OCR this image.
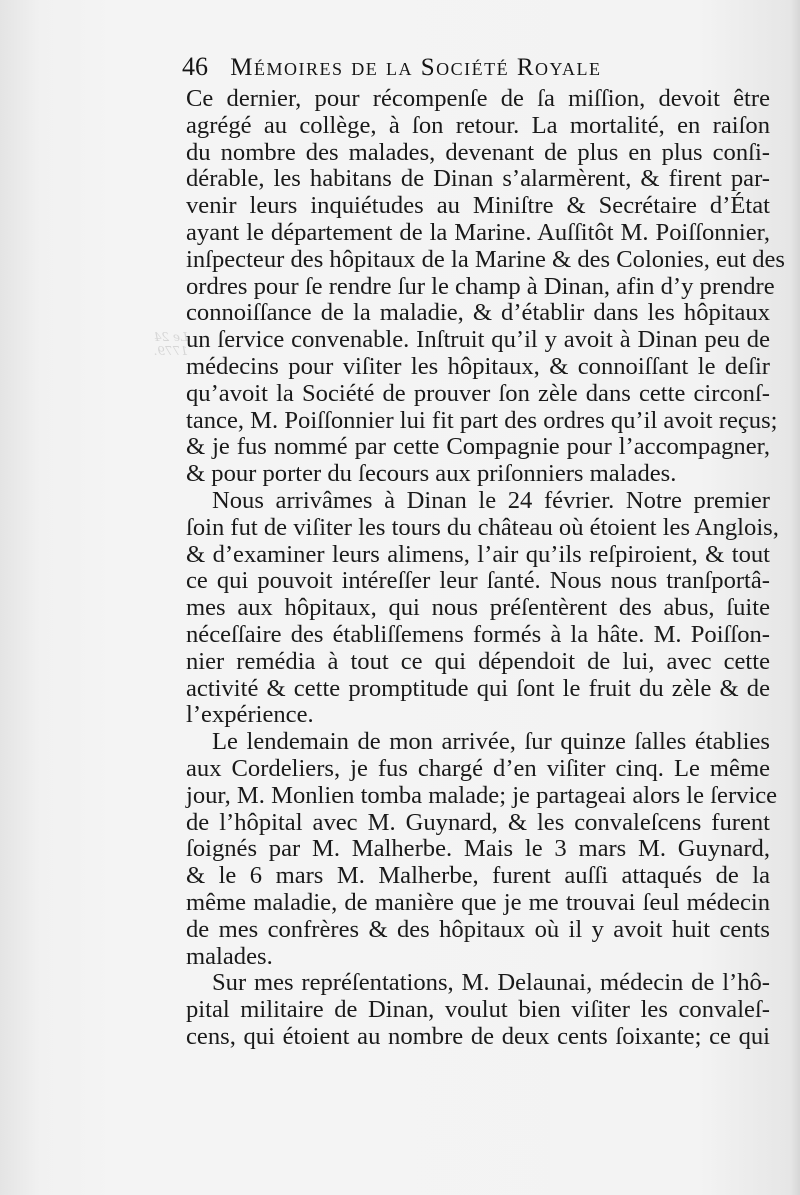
Le 24
1779.
46 Mémoires de la Société Royale
Ce dernier, pour récompenſe de ſa miſſion, devoit être
agrégé au collège, à ſon retour. La mortalité, en raiſon
du nombre des malades, devenant de plus en plus conſi-
dérable, les habitans de Dinan s’alarmèrent, & firent par-
venir leurs inquiétudes au Miniſtre & Secrétaire d’État
ayant le département de la Marine. Auſſitôt M. Poiſſonnier,
inſpecteur des hôpitaux de la Marine & des Colonies, eut des
ordres pour ſe rendre ſur le champ à Dinan, afin d’y prendre
connoiſſance de la maladie, & d’établir dans les hôpitaux
un ſervice convenable. Inſtruit qu’il y avoit à Dinan peu de
médecins pour viſiter les hôpitaux, & connoiſſant le deſir
qu’avoit la Société de prouver ſon zèle dans cette circonſ-
tance, M. Poiſſonnier lui fit part des ordres qu’il avoit reçus;
& je fus nommé par cette Compagnie pour l’accompagner,
& pour porter du ſecours aux priſonniers malades.
Nous arrivâmes à Dinan le 24 février. Notre premier
ſoin fut de viſiter les tours du château où étoient les Anglois,
& d’examiner leurs alimens, l’air qu’ils reſpiroient, & tout
ce qui pouvoit intéreſſer leur ſanté. Nous nous tranſportâ-
mes aux hôpitaux, qui nous préſentèrent des abus, ſuite
néceſſaire des établiſſemens formés à la hâte. M. Poiſſon-
nier remédia à tout ce qui dépendoit de lui, avec cette
activité & cette promptitude qui ſont le fruit du zèle & de
l’expérience.
Le lendemain de mon arrivée, ſur quinze ſalles établies
aux Cordeliers, je fus chargé d’en viſiter cinq. Le même
jour, M. Monlien tomba malade; je partageai alors le ſervice
de l’hôpital avec M. Guynard, & les convaleſcens furent
ſoignés par M. Malherbe. Mais le 3 mars M. Guynard,
& le 6 mars M. Malherbe, furent auſſi attaqués de la
même maladie, de manière que je me trouvai ſeul médecin
de mes confrères & des hôpitaux où il y avoit huit cents
malades.
Sur mes repréſentations, M. Delaunai, médecin de l’hô-
pital militaire de Dinan, voulut bien viſiter les convaleſ-
cens, qui étoient au nombre de deux cents ſoixante; ce qui
